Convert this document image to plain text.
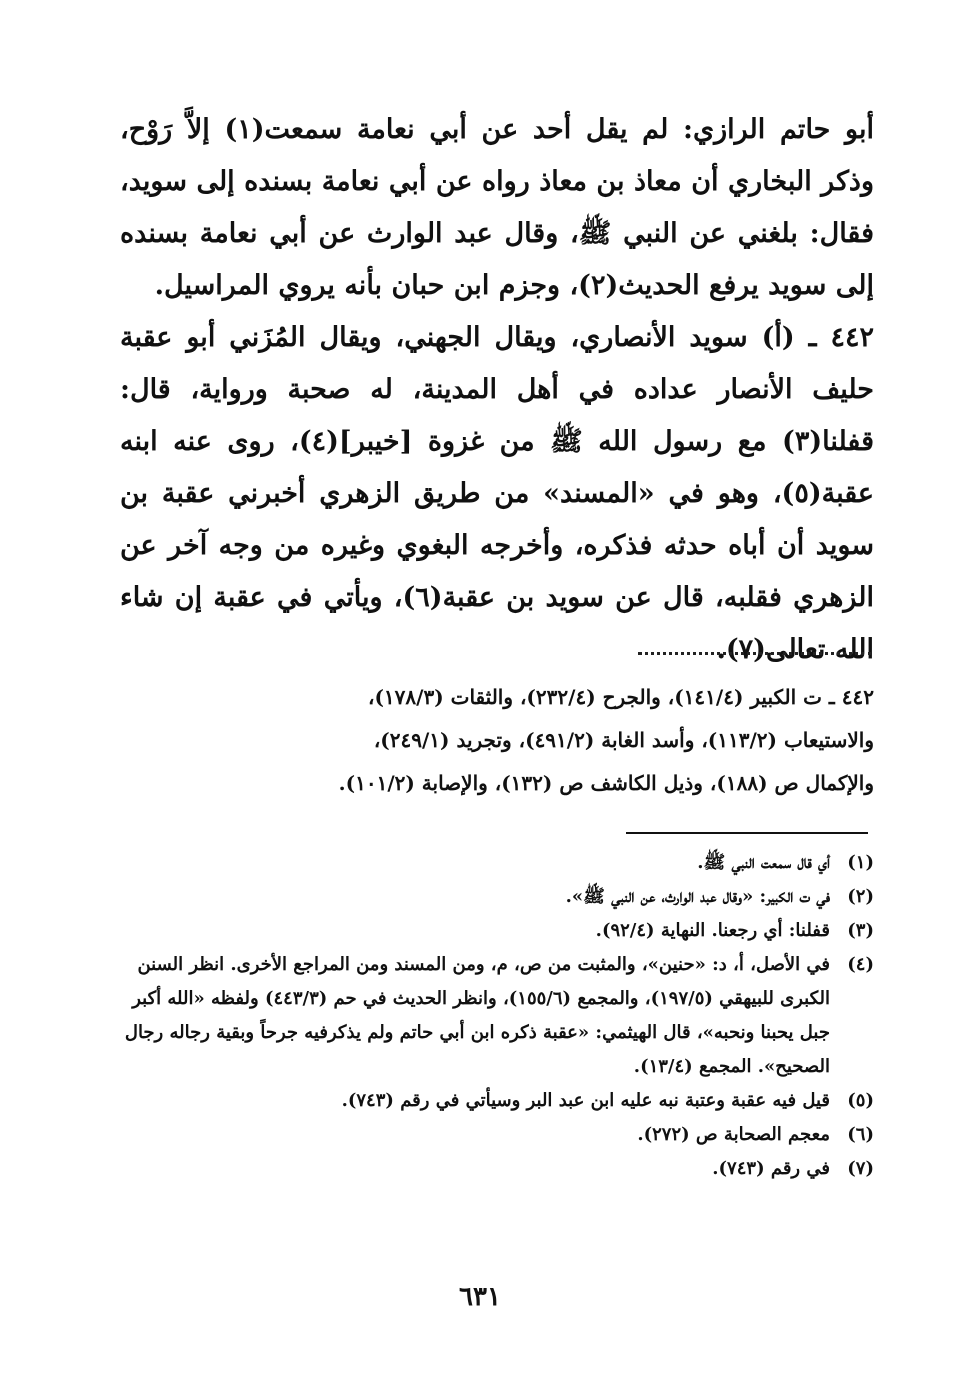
أبو حاتم الرازي: لم يقل أحد عن أبي نعامة سمعت(١) إلاَّ رَوْح، وذكر البخاري أن معاذ بن معاذ رواه عن أبي نعامة بسنده إلى سويد، فقال: بلغني عن النبي ﷺ، وقال عبد الوارث عن أبي نعامة بسنده إلى سويد يرفع الحديث(٢)، وجزم ابن حبان بأنه يروي المراسيل.

٤٤٢ ـ (أ) سويد الأنصاري، ويقال الجهني، ويقال المُزَني أبو عقبة حليف الأنصار عداده في أهل المدينة، له صحبة ورواية، قال: قفلنا(٣) مع رسول الله ﷺ من غزوة [خيبر](٤)، روى عنه ابنه عقبة(٥)، وهو في «المسند» من طريق الزهري أخبرني عقبة بن سويد أن أباه حدثه فذكره، وأخرجه البغوي وغيره من وجه آخر عن الزهري فقلبه، قال عن سويد بن عقبة(٦)، ويأتي في عقبة إن شاء الله تعالى(٧).

٤٤٢ ـ ت الكبير (١٤١/٤)، والجرح (٢٣٢/٤)، والثقات (١٧٨/٣)،
والاستيعاب (١١٣/٢)، وأسد الغابة (٤٩١/٢)، وتجريد (٢٤٩/١)،
والإكمال ص (١٨٨)، وذيل الكاشف ص (١٣٢)، والإصابة (١٠١/٢).
(١)
أي قال سمعت النبي ﷺ.
(٢)
في ت الكبير: «وقال عبد الوارث، عن النبي ﷺ».
(٣)
قفلنا: أي رجعنا. النهاية (٩٢/٤).
(٤)
في الأصل، أ، د: «حنين»، والمثبت من ص، م، ومن المسند ومن المراجع الأخرى. انظر السنن الكبرى للبيهقي (١٩٧/٥)، والمجمع (١٥٥/٦)، وانظر الحديث في حم (٤٤٣/٣) ولفظه «الله أكبر جبل يحبنا ونحبه»، قال الهيثمي: «عقبة ذكره ابن أبي حاتم ولم يذكرفيه جرحاً وبقية رجاله رجال الصحيح». المجمع (١٣/٤).
(٥)
قيل فيه عقبة وعتبة نبه عليه ابن عبد البر وسيأتي في رقم (٧٤٣).
(٦)
معجم الصحابة ص (٢٧٢).
(٧)
في رقم (٧٤٣).
٦٣١
